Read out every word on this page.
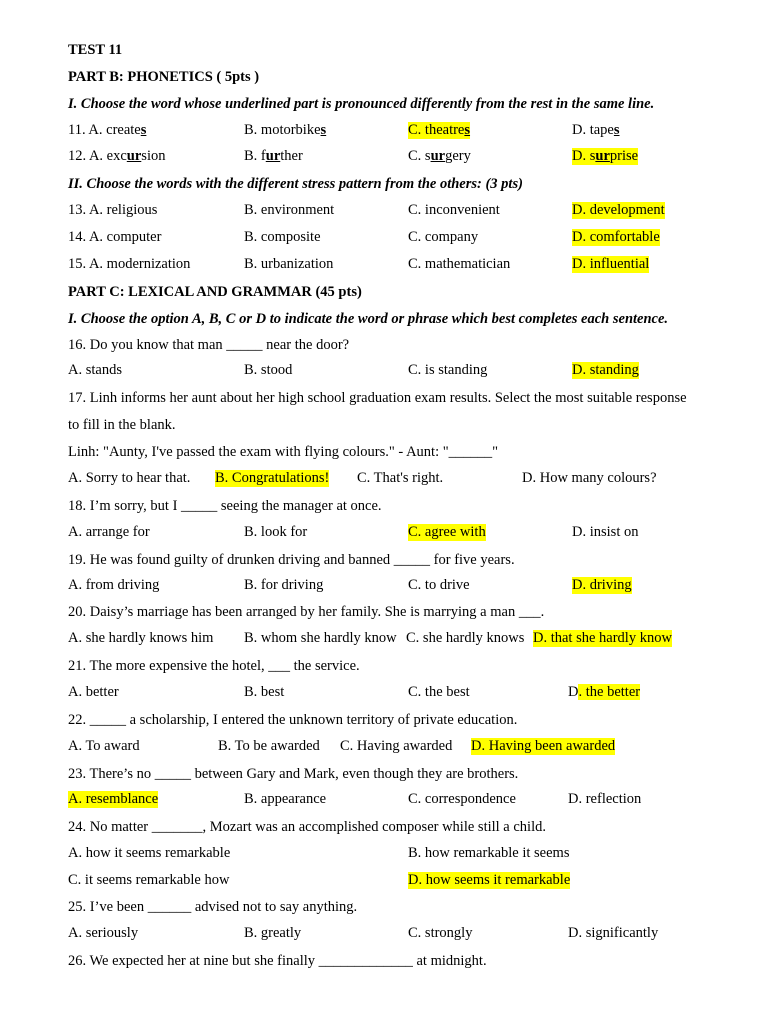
TEST 11
PART B: PHONETICS ( 5pts )
I. Choose the word whose underlined part is pronounced differently from the rest in the same line.
11. A. creates	B. motorbikes	C. theatres	D. tapes
12. A. excursion	B. further	C. surgery	D. surprise
II. Choose the words with the different stress pattern from the others: (3 pts)
13. A. religious	B. environment	C. inconvenient	D. development
14. A. computer	B. composite	C. company	D. comfortable
15. A. modernization	B. urbanization	C. mathematician	D. influential
PART C: LEXICAL AND GRAMMAR (45 pts)
I. Choose the option A, B, C or D to indicate the word or phrase which best completes each sentence.
16. Do you know that man _____ near the door?
A. stands	B. stood	C. is standing	D. standing
17. Linh informs her aunt about her high school graduation exam results. Select the most suitable response
to fill in the blank.
Linh: "Aunty, I've passed the exam with flying colours." - Aunt: "______"
A. Sorry to hear that. B. Congratulations! C. That's right.	D. How many colours?
18. I’m sorry, but I _____ seeing the manager at once.
A. arrange for	B. look for	C. agree with	D. insist on
19. He was found guilty of drunken driving and banned _____ for five years.
A. from driving	B. for driving	C. to drive	D. driving
20. Daisy’s marriage has been arranged by her family. She is marrying a man ___.
A. she hardly knows him B. whom she hardly know C. she hardly knows D. that she hardly know
21. The more expensive the hotel, ___ the service.
A. better	B. best	C. the best	D. the better
22. _____ a scholarship, I entered the unknown territory of private education.
A. To award	B. To be awarded C. Having awarded D. Having been awarded
23. There’s no _____ between Gary and Mark, even though they are brothers.
A. resemblance	B. appearance	C. correspondence	D. reflection
24. No matter _______, Mozart was an accomplished composer while still a child.
A. how it seems remarkable	B. how remarkable it seems
C. it seems remarkable how	D. how seems it remarkable
25. I’ve been ______ advised not to say anything.
A. seriously	B. greatly	C. strongly	D. significantly
26. We expected her at nine but she finally _____________ at midnight.
